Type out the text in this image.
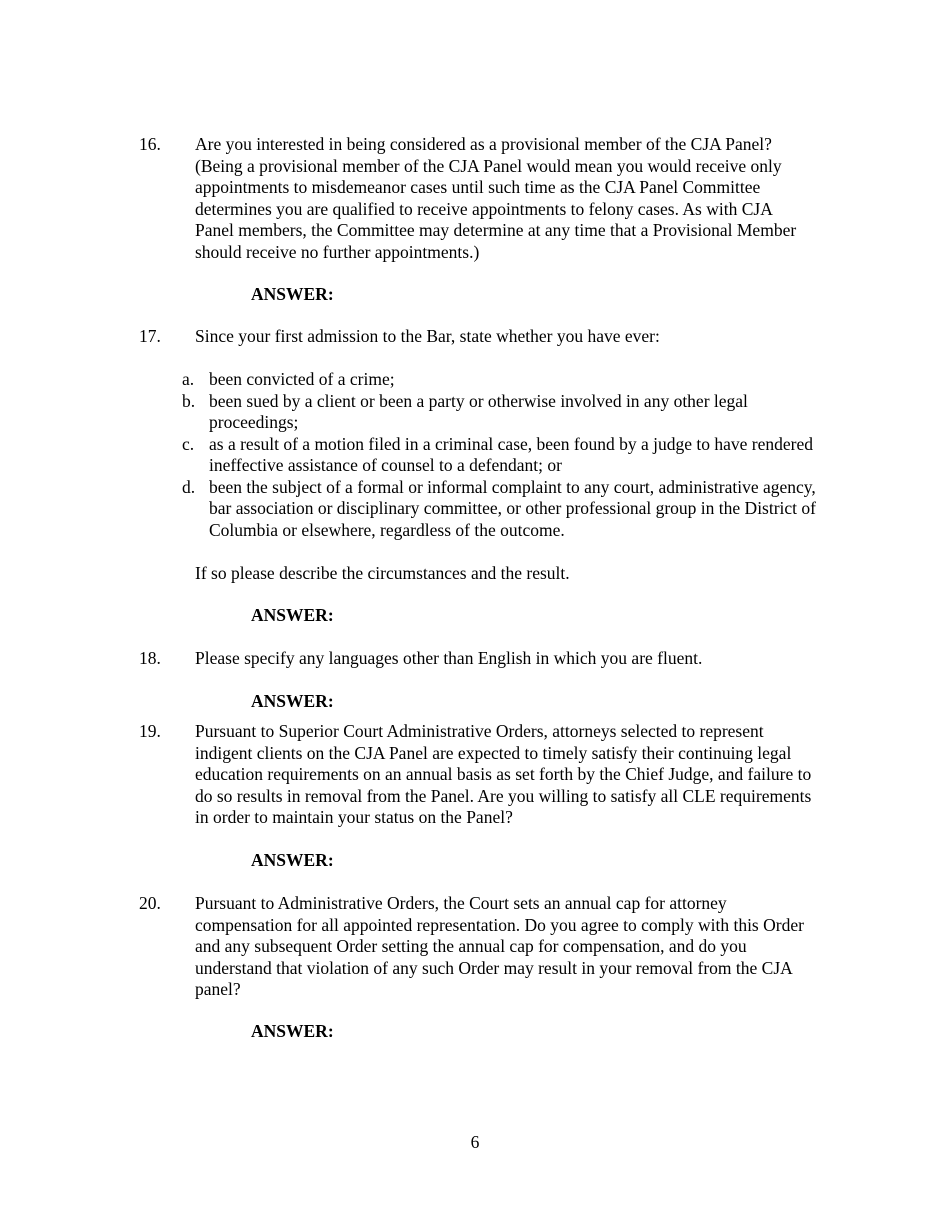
16.	Are you interested in being considered as a provisional member of the CJA Panel? (Being a provisional member of the CJA Panel would mean you would receive only appointments to misdemeanor cases until such time as the CJA Panel Committee determines you are qualified to receive appointments to felony cases. As with CJA Panel members, the Committee may determine at any time that a Provisional Member should receive no further appointments.)
ANSWER:
17.	Since your first admission to the Bar, state whether you have ever:
a. been convicted of a crime;
b. been sued by a client or been a party or otherwise involved in any other legal proceedings;
c. as a result of a motion filed in a criminal case, been found by a judge to have rendered ineffective assistance of counsel to a defendant; or
d. been the subject of a formal or informal complaint to any court, administrative agency, bar association or disciplinary committee, or other professional group in the District of Columbia or elsewhere, regardless of the outcome.
If so please describe the circumstances and the result.
ANSWER:
18.	Please specify any languages other than English in which you are fluent.
ANSWER:
19.	Pursuant to Superior Court Administrative Orders, attorneys selected to represent indigent clients on the CJA Panel are expected to timely satisfy their continuing legal education requirements on an annual basis as set forth by the Chief Judge, and failure to do so results in removal from the Panel. Are you willing to satisfy all CLE requirements in order to maintain your status on the Panel?
ANSWER:
20.	Pursuant to Administrative Orders, the Court sets an annual cap for attorney compensation for all appointed representation. Do you agree to comply with this Order and any subsequent Order setting the annual cap for compensation, and do you understand that violation of any such Order may result in your removal from the CJA panel?
ANSWER:
6
